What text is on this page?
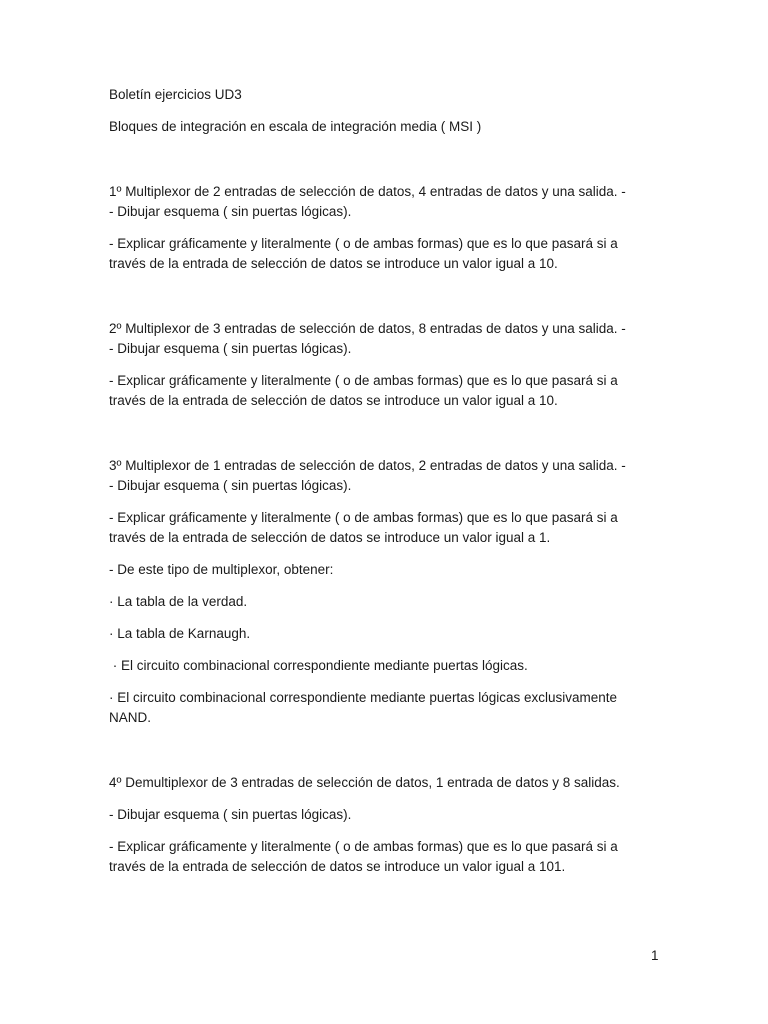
Boletín ejercicios UD3

Bloques de integración en escala de integración media ( MSI )

1º Multiplexor de 2 entradas de selección de datos, 4 entradas de datos y una salida. -
- Dibujar esquema ( sin puertas lógicas).

- Explicar gráficamente y literalmente ( o de ambas formas) que es lo que pasará si a
través de la entrada de selección de datos se introduce un valor igual a 10.

2º Multiplexor de 3 entradas de selección de datos, 8 entradas de datos y una salida. -
- Dibujar esquema ( sin puertas lógicas).

- Explicar gráficamente y literalmente ( o de ambas formas) que es lo que pasará si a
través de la entrada de selección de datos se introduce un valor igual a 10.

3º Multiplexor de 1 entradas de selección de datos, 2 entradas de datos y una salida. -
- Dibujar esquema ( sin puertas lógicas).

- Explicar gráficamente y literalmente ( o de ambas formas) que es lo que pasará si a
través de la entrada de selección de datos se introduce un valor igual a 1.

- De este tipo de multiplexor, obtener:

· La tabla de la verdad.

· La tabla de Karnaugh.

· El circuito combinacional correspondiente mediante puertas lógicas.

· El circuito combinacional correspondiente mediante puertas lógicas exclusivamente
NAND.

4º Demultiplexor de 3 entradas de selección de datos, 1 entrada de datos y 8 salidas.

- Dibujar esquema ( sin puertas lógicas).

- Explicar gráficamente y literalmente ( o de ambas formas) que es lo que pasará si a
través de la entrada de selección de datos se introduce un valor igual a 101.

1
